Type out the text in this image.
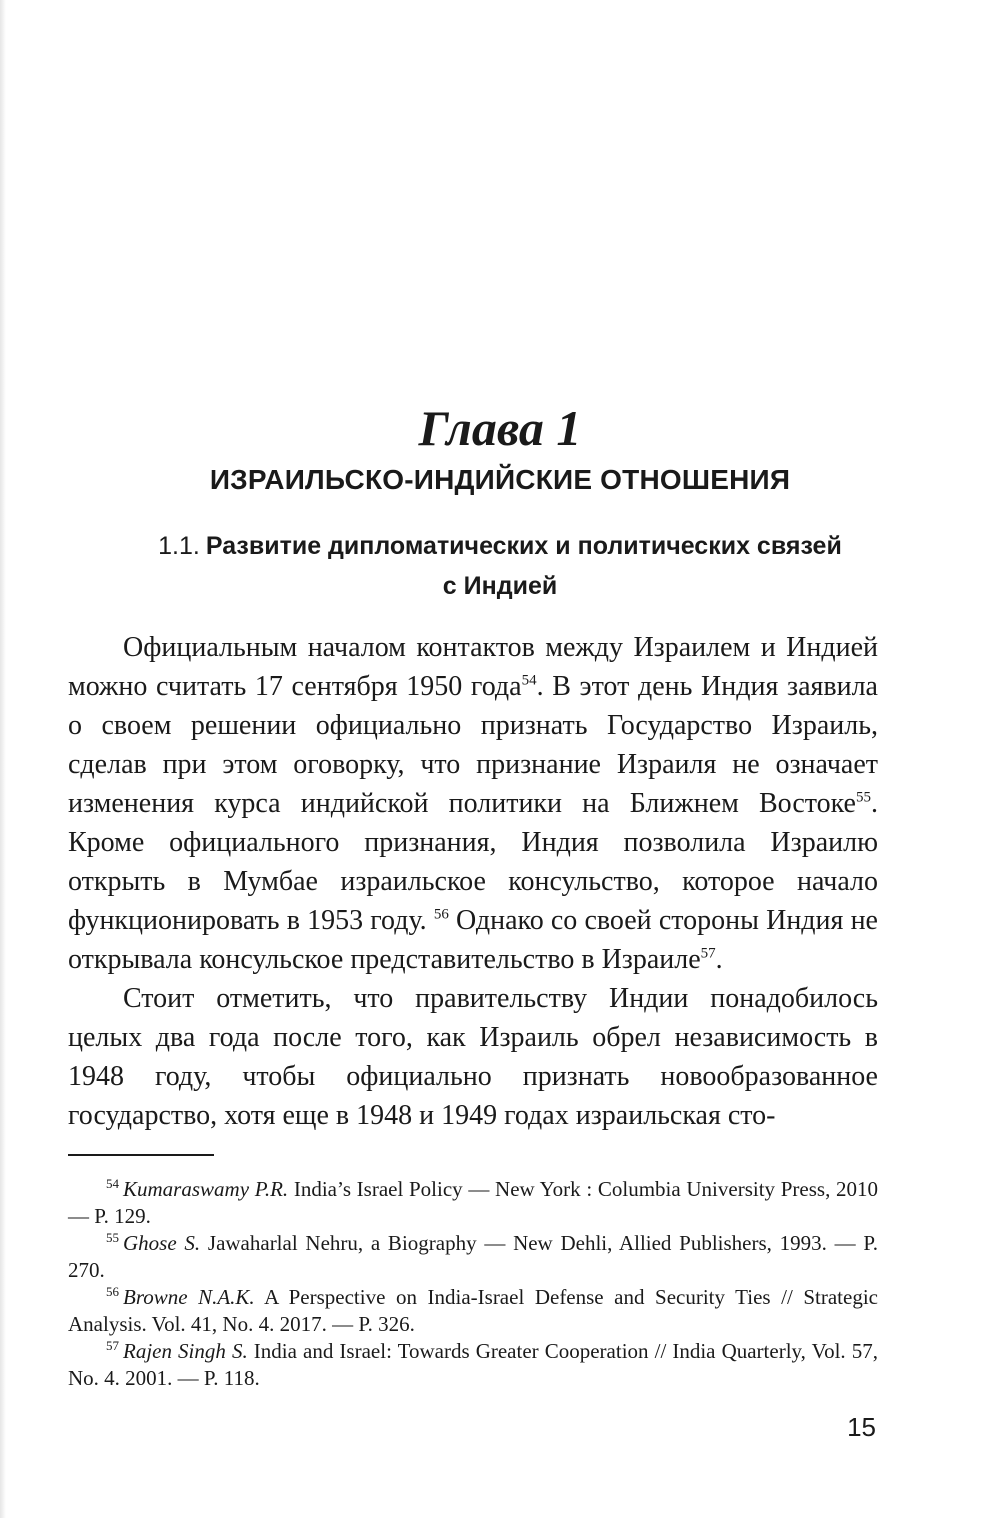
Глава 1
ИЗРАИЛЬСКО-ИНДИЙСКИЕ ОТНОШЕНИЯ
1.1. Развитие дипломатических и политических связей
с Индией

Официальным началом контактов между Израилем и Индией можно считать 17 сентября 1950 года$^{54}$. В этот день Индия заявила о своем решении официально признать Государство Израиль, сделав при этом оговорку, что признание Израиля не означает изменения курса индийской политики на Ближнем Востоке$^{55}$. Кроме официального признания, Индия позволила Израилю открыть в Мумбае израильское консульство, которое начало функционировать в 1953 году. $^{56}$ Однако со своей стороны Индия не открывала консульское представительство в Израиле$^{57}$.

Стоит отметить, что правительству Индии понадобилось целых два года после того, как Израиль обрел независимость в 1948 году, чтобы официально признать новообразованное государство, хотя еще в 1948 и 1949 годах израильская сто-

$^{54}$ Kumaraswamy P.R. India’s Israel Policy — New York : Columbia University Press, 2010 — P. 129.

$^{55}$ Ghose S. Jawaharlal Nehru, a Biography — New Dehli, Allied Publishers, 1993. — P. 270.

$^{56}$ Browne N.A.K. A Perspective on India-Israel Defense and Security Ties // Strategic Analysis. Vol. 41, No. 4. 2017. — P. 326.

$^{57}$ Rajen Singh S. India and Israel: Towards Greater Cooperation // India Quarterly, Vol. 57, No. 4. 2001. — P. 118.

15
